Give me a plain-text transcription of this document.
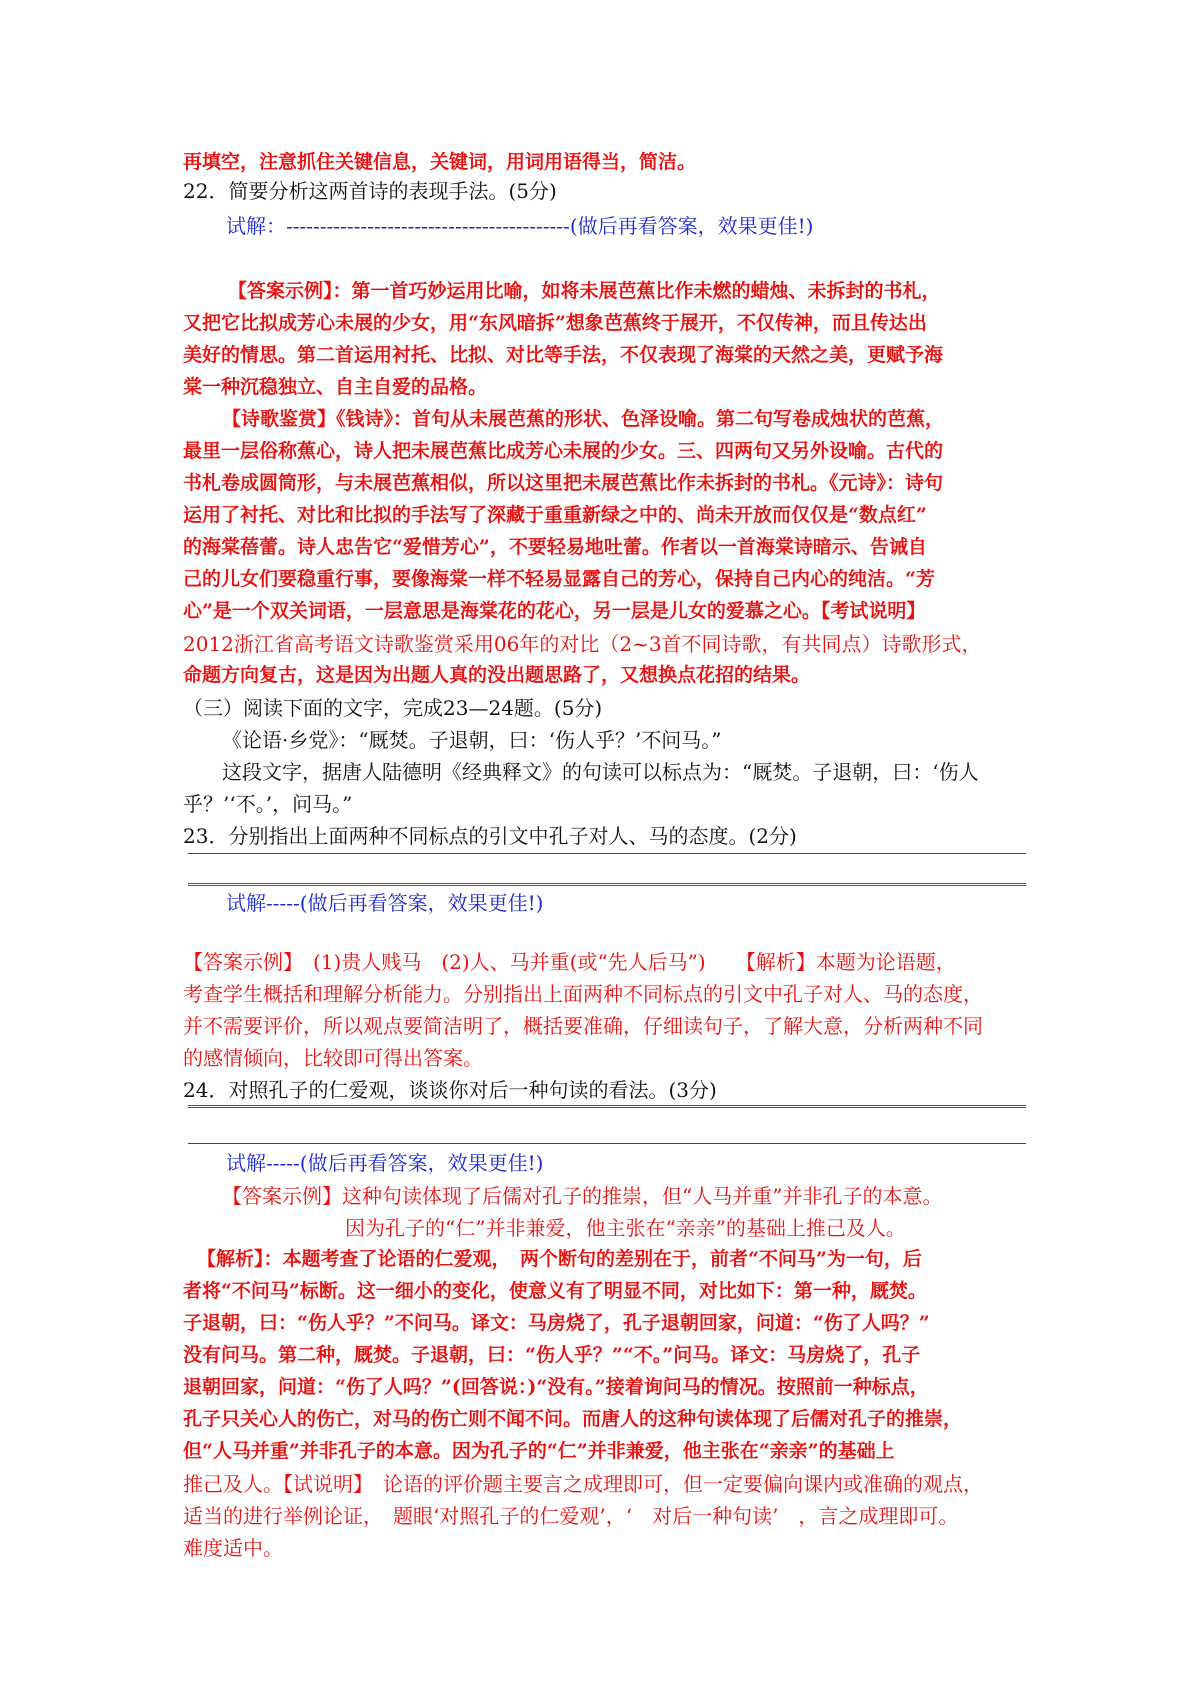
再填空，注意抓住关键信息，关键词，用词用语得当，简洁。
22．简要分析这两首诗的表现手法。(5分)
试解：------------------------------------------(做后再看答案，效果更佳!)
【答案示例】：第一首巧妙运用比喻，如将未展芭蕉比作未燃的蜡烛、未拆封的书札，
又把它比拟成芳心未展的少女，用“东风暗拆”想象芭蕉终于展开，不仅传神，而且传达出
美好的情思。第二首运用衬托、比拟、对比等手法，不仅表现了海棠的天然之美，更赋予海
棠一种沉稳独立、自主自爱的品格。
【诗歌鉴赏】《钱诗》：首句从未展芭蕉的形状、色泽设喻。第二句写卷成烛状的芭蕉，
最里一层俗称蕉心，诗人把未展芭蕉比成芳心未展的少女。三、四两句又另外设喻。古代的
书札卷成圆筒形，与未展芭蕉相似，所以这里把未展芭蕉比作未拆封的书札。《元诗》：诗句
运用了衬托、对比和比拟的手法写了深藏于重重新绿之中的、尚未开放而仅仅是“数点红”
的海棠蓓蕾。诗人忠告它“爱惜芳心”，不要轻易地吐蕾。作者以一首海棠诗暗示、告诫自
己的儿女们要稳重行事，要像海棠一样不轻易显露自己的芳心，保持自己内心的纯洁。“芳
心”是一个双关词语，一层意思是海棠花的花心，另一层是儿女的爱慕之心。【考试说明】
2012浙江省高考语文诗歌鉴赏采用06年的对比（2~3首不同诗歌，有共同点）诗歌形式，
命题方向复古，这是因为出题人真的没出题思路了，又想换点花招的结果。
（三）阅读下面的文字，完成23—24题。(5分)
《论语·乡党》：“厩焚。子退朝，曰：‘伤人乎？’不问马。”
这段文字，据唐人陆德明《经典释文》的句读可以标点为：“厩焚。子退朝，曰：‘伤人
乎？’‘不。’，问马。”
23．分别指出上面两种不同标点的引文中孔子对人、马的态度。(2分)
试解-----(做后再看答案，效果更佳!)
【答案示例】　(1)贵人贱马　(2)人、马并重(或“先人后马”)　　【解析】本题为论语题，
考查学生概括和理解分析能力。分别指出上面两种不同标点的引文中孔子对人、马的态度，
并不需要评价，所以观点要简洁明了，概括要准确，仔细读句子，了解大意，分析两种不同
的感情倾向，比较即可得出答案。
24．对照孔子的仁爱观，谈谈你对后一种句读的看法。(3分)
试解-----(做后再看答案，效果更佳!)
【答案示例】这种句读体现了后儒对孔子的推崇，但“人马并重”并非孔子的本意。
因为孔子的“仁”并非兼爱，他主张在“亲亲”的基础上推己及人。
【解析】：本题考查了论语的仁爱观，　两个断句的差别在于，前者“不问马”为一句，后
者将“不问马”标断。这一细小的变化，使意义有了明显不同，对比如下：第一种，厩焚。
子退朝，曰：“伤人乎？”不问马。译文：马房烧了，孔子退朝回家，问道：“伤了人吗？”
没有问马。第二种，厩焚。子退朝，曰：“伤人乎？”“不。”问马。译文：马房烧了，孔子
退朝回家，问道：“伤了人吗？”(回答说：)“没有。”接着询问马的情况。按照前一种标点，
孔子只关心人的伤亡，对马的伤亡则不闻不问。而唐人的这种句读体现了后儒对孔子的推崇，
但“人马并重”并非孔子的本意。因为孔子的“仁”并非兼爱，他主张在“亲亲”的基础上
推己及人。【试说明】　论语的评价题主要言之成理即可，但一定要偏向课内或准确的观点，
适当的进行举例论证，　题眼‘对照孔子的仁爱观’，‘　对后一种句读’　，言之成理即可。
难度适中。
